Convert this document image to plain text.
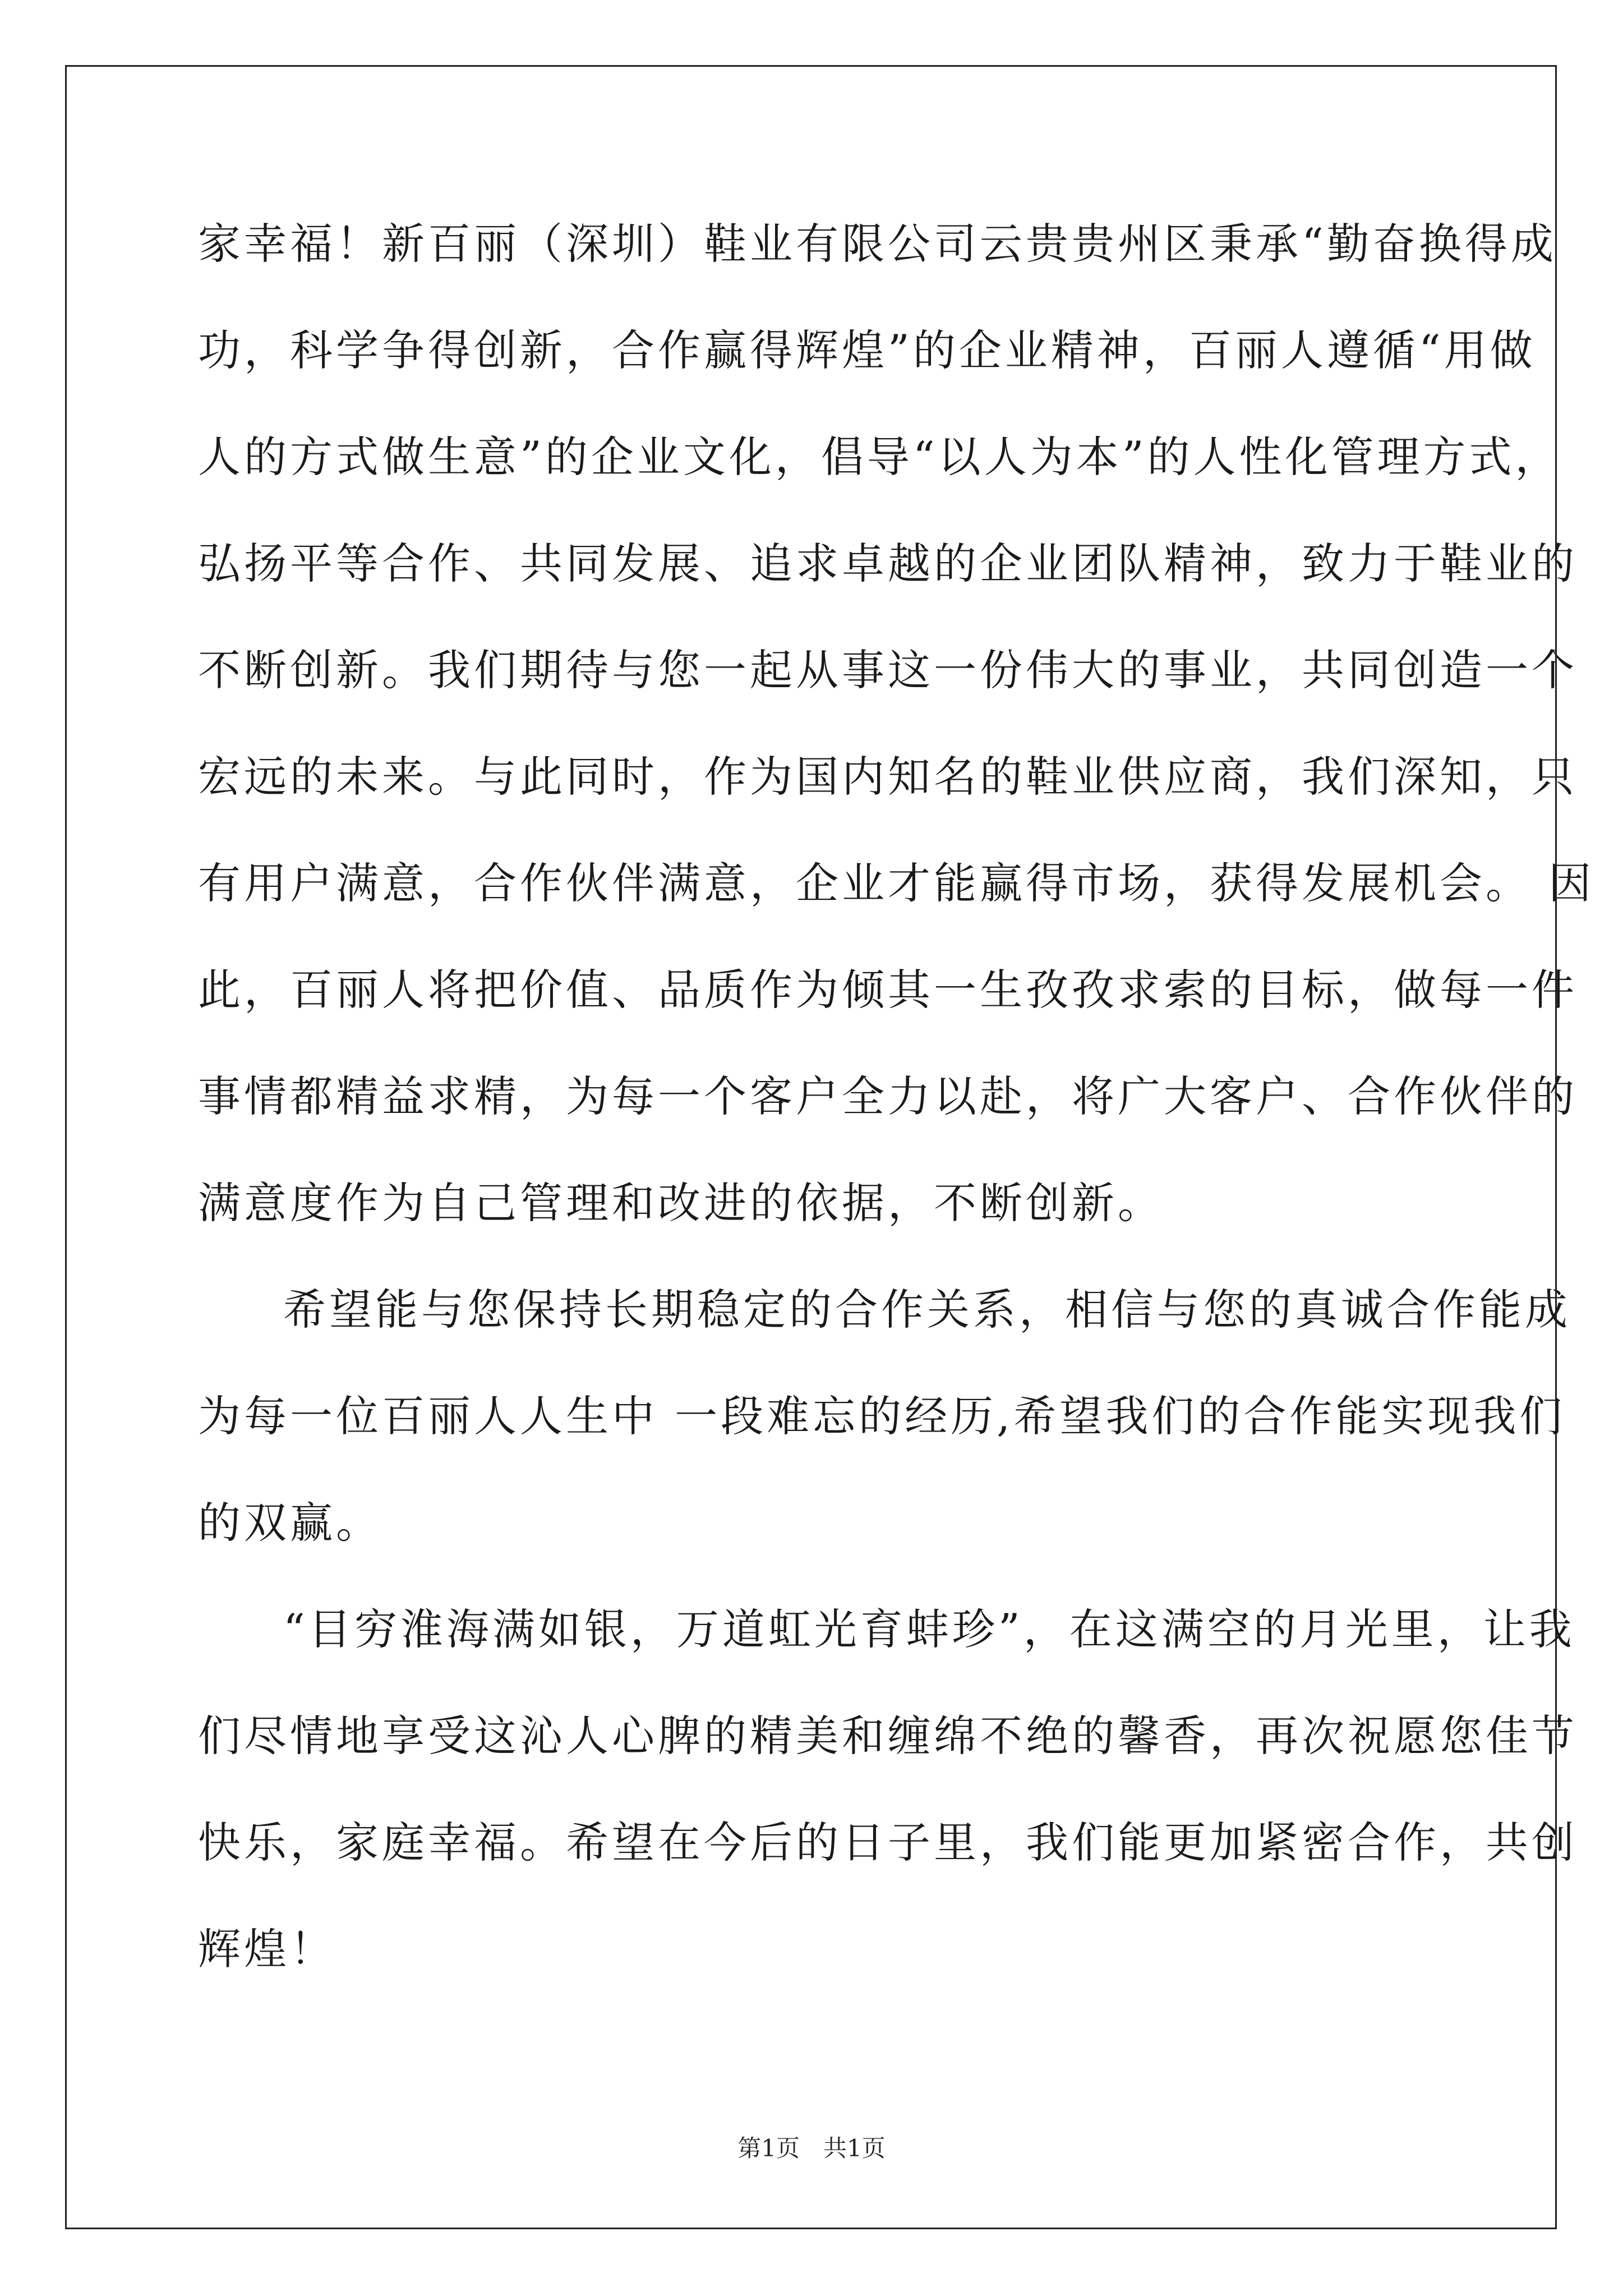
家幸福！新百丽（深圳）鞋业有限公司云贵贵州区秉承“勤奋换得成
功，科学争得创新，合作赢得辉煌”的企业精神，百丽人遵循“用做
人的方式做生意”的企业文化，倡导“以人为本”的人性化管理方式，
弘扬平等合作、共同发展、追求卓越的企业团队精神，致力于鞋业的
不断创新。我们期待与您一起从事这一份伟大的事业，共同创造一个
宏远的未来。与此同时，作为国内知名的鞋业供应商，我们深知，只
有用户满意，合作伙伴满意，企业才能赢得市场，获得发展机会。 因
此，百丽人将把价值、品质作为倾其一生孜孜求索的目标，做每一件
事情都精益求精，为每一个客户全力以赴，将广大客户、合作伙伴的
满意度作为自己管理和改进的依据，不断创新。
希望能与您保持长期稳定的合作关系，相信与您的真诚合作能成
为每一位百丽人人生中 一段难忘的经历,希望我们的合作能实现我们
的双赢。
“目穷淮海满如银，万道虹光育蚌珍”，在这满空的月光里，让我
们尽情地享受这沁人心脾的精美和缠绵不绝的馨香，再次祝愿您佳节
快乐，家庭幸福。希望在今后的日子里，我们能更加紧密合作，共创
辉煌！
第1页　共1页
